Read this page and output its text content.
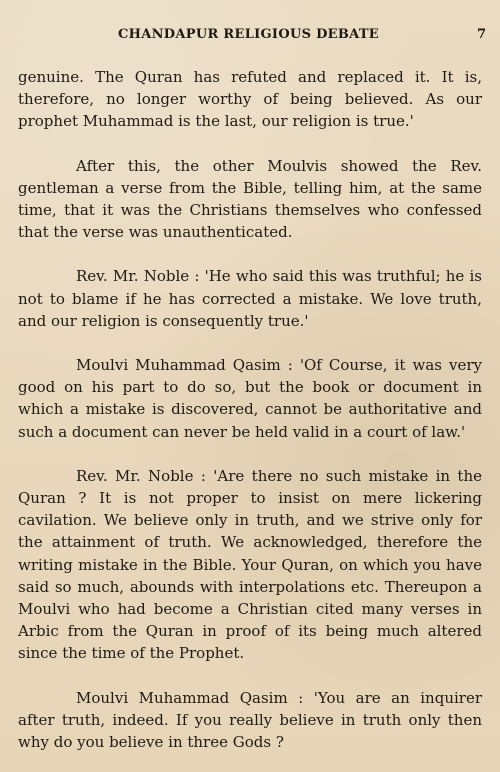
CHANDAPUR RELIGIOUS DEBATE	7

genuine. The Quran has refuted and replaced it. It is, therefore, no longer worthy of being believed. As our prophet Muhammad is the last, our religion is true.'

After this, the other Moulvis showed the Rev. gentleman a verse from the Bible, telling him, at the same time, that it was the Christians themselves who confessed that the verse was unauthenticated.

Rev. Mr. Noble : 'He who said this was truthful; he is not to blame if he has corrected a mistake. We love truth, and our religion is consequently true.'

Moulvi Muhammad Qasim : 'Of Course, it was very good on his part to do so, but the book or document in which a mistake is discovered, cannot be authoritative and such a document can never be held valid in a court of law.'

Rev. Mr. Noble : 'Are there no such mistake in the Quran ? It is not proper to insist on mere lickering cavilation. We believe only in truth, and we strive only for the attainment of truth. We acknowledged, therefore the writing mistake in the Bible. Your Quran, on which you have said so much, abounds with interpolations etc. Thereupon a Moulvi who had become a Christian cited many verses in Arbic from the Quran in proof of its being much altered since the time of the Prophet.

Moulvi Muhammad Qasim : 'You are an inquirer after truth, indeed. If you really believe in truth only then why do you believe in three Gods ?
